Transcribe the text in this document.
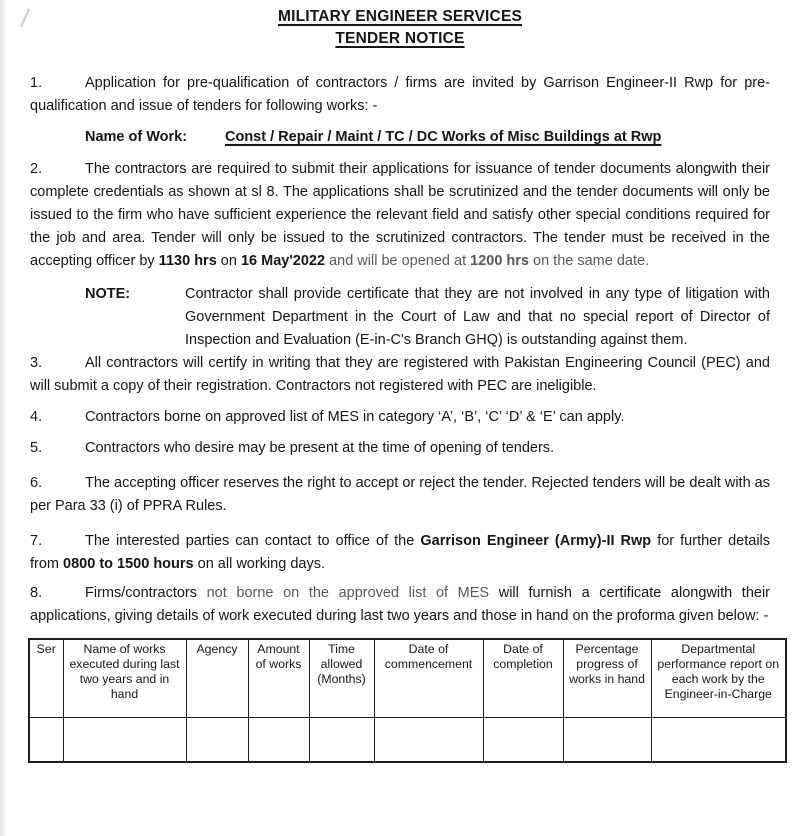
MILITARY ENGINEER SERVICES
TENDER NOTICE

1.	Application for pre-qualification of contractors / firms are invited by Garrison Engineer-II Rwp for pre-qualification and issue of tenders for following works: -

Name of Work:	Const / Repair / Maint / TC / DC Works of Misc Buildings at Rwp

2.	The contractors are required to submit their applications for issuance of tender documents alongwith their complete credentials as shown at sl 8. The applications shall be scrutinized and the tender documents will only be issued to the firm who have sufficient experience the relevant field and satisfy other special conditions required for the job and area. Tender will only be issued to the scrutinized contractors. The tender must be received in the accepting officer by 1130 hrs on 16 May'2022 and will be opened at 1200 hrs on the same date.

NOTE:	Contractor shall provide certificate that they are not involved in any type of litigation with Government Department in the Court of Law and that no special report of Director of Inspection and Evaluation (E-in-C's Branch GHQ) is outstanding against them.

3.	All contractors will certify in writing that they are registered with Pakistan Engineering Council (PEC) and will submit a copy of their registration. Contractors not registered with PEC are ineligible.

4.	Contractors borne on approved list of MES in category ‘A’, ‘B’, ‘C’ ‘D’ & ‘E’ can apply.

5.	Contractors who desire may be present at the time of opening of tenders.

6.	The accepting officer reserves the right to accept or reject the tender. Rejected tenders will be dealt with as per Para 33 (i) of PPRA Rules.

7.	The interested parties can contact to office of the Garrison Engineer (Army)-II Rwp for further details from 0800 to 1500 hours on all working days.

8.	Firms/contractors not borne on the approved list of MES will furnish a certificate alongwith their applications, giving details of work executed during last two years and those in hand on the proforma given below: -

Ser	Name of works executed during last two years and in hand	Agency	Amount of works	Time allowed (Months)	Date of commencement	Date of completion	Percentage progress of works in hand	Departmental performance report on each work by the Engineer-in-Charge
